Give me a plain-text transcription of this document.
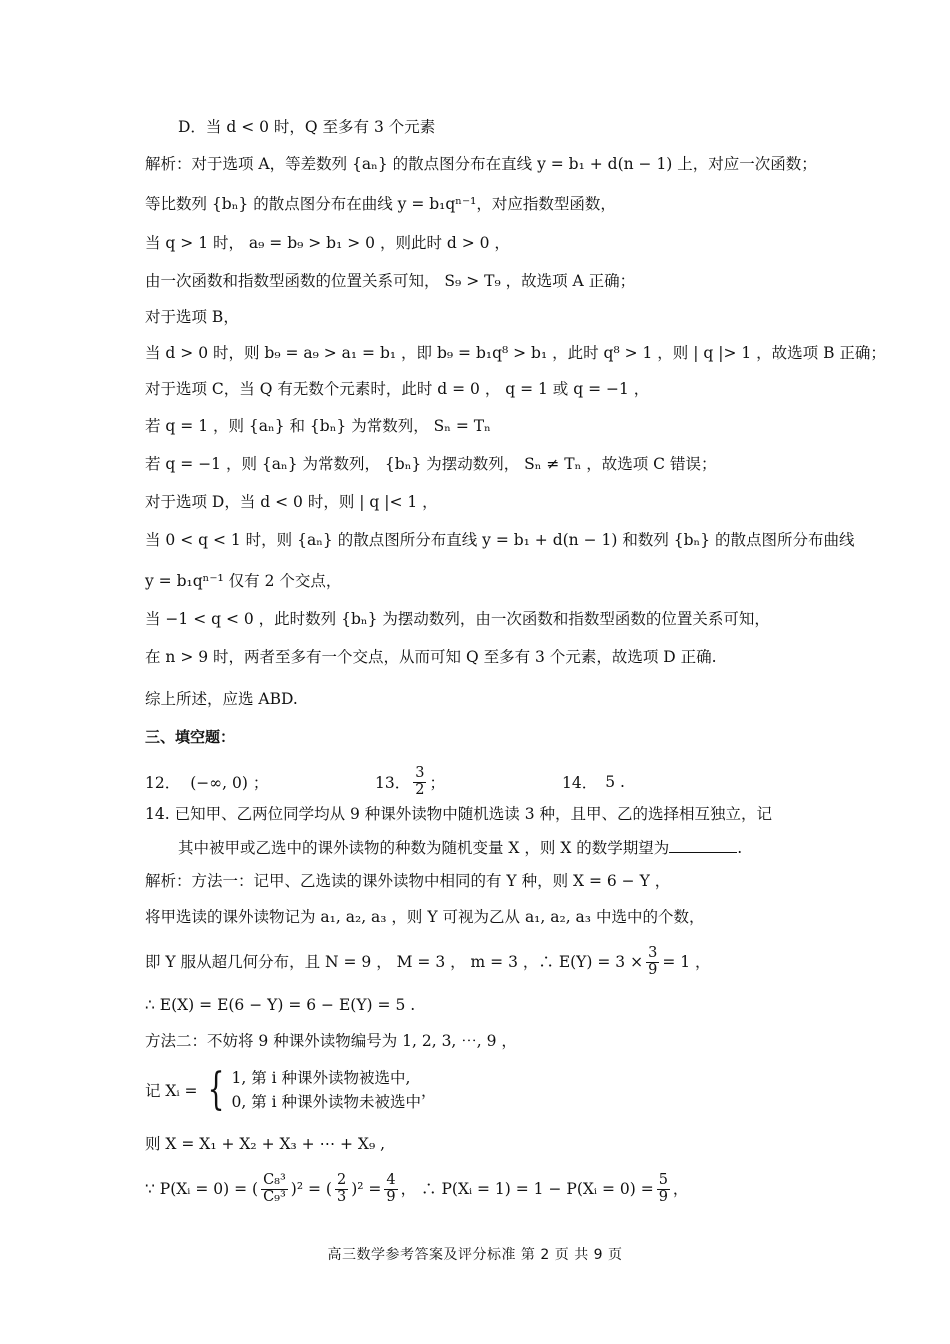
D．当 d < 0 时，Q 至多有 3 个元素
解析：对于选项 A，等差数列 {aₙ} 的散点图分布在直线 y = b₁ + d(n − 1) 上，对应一次函数；
等比数列 {bₙ} 的散点图分布在曲线 y = b₁qⁿ⁻¹，对应指数型函数，
当 q > 1 时， a₉ = b₉ > b₁ > 0 ，则此时 d > 0 ，
由一次函数和指数型函数的位置关系可知， S₉ > T₉ ，故选项 A 正确；
对于选项 B，
当 d > 0 时，则 b₉ = a₉ > a₁ = b₁ ，即 b₉ = b₁q⁸ > b₁ ，此时 q⁸ > 1 ，则 | q |> 1 ，故选项 B 正确；
对于选项 C，当 Q 有无数个元素时，此时 d = 0 ， q = 1 或 q = −1 ，
若 q = 1 ，则 {aₙ} 和 {bₙ} 为常数列， Sₙ = Tₙ
若 q = −1 ，则 {aₙ} 为常数列， {bₙ} 为摆动数列， Sₙ ≠ Tₙ ，故选项 C 错误；
对于选项 D，当 d < 0 时，则 | q |< 1 ，
当 0 < q < 1 时，则 {aₙ} 的散点图所分布直线 y = b₁ + d(n − 1) 和数列 {bₙ} 的散点图所分布曲线
y = b₁qⁿ⁻¹ 仅有 2 个交点，
当 −1 < q < 0 ，此时数列 {bₙ} 为摆动数列，由一次函数和指数型函数的位置关系可知，
在 n > 9 时，两者至多有一个交点，从而可知 Q 至多有 3 个元素，故选项 D 正确.
综上所述，应选 ABD.
三、填空题：
12． (−∞, 0) ；	13． $\frac{3}{2}$ ；	14． 5 .
14. 已知甲、乙两位同学均从 9 种课外读物中随机选读 3 种，且甲、乙的选择相互独立，记
其中被甲或乙选中的课外读物的种数为随机变量 X ，则 X 的数学期望为	.
解析：方法一：记甲、乙选读的课外读物中相同的有 Y 种，则 X = 6 − Y ，
将甲选读的课外读物记为 a₁, a₂, a₃ ，则 Y 可视为乙从 a₁, a₂, a₃ 中选中的个数，
即 Y 服从超几何分布，且 N = 9 ， M = 3 ， m = 3 ，∴ $E(Y) = 3 \times \frac{3}{9} = 1$ ，
∴ E(X) = E(6 − Y) = 6 − E(Y) = 5 .
方法二：不妨将 9 种课外读物编号为 1, 2, 3, ⋯, 9 ，
记 Xᵢ = { 1, 第 i 种课外读物被选中,
0, 第 i 种课外读物未被选中
，
则 X = X₁ + X₂ + X₃ + ⋯ + X₉ ,
∵ P(Xᵢ = 0) = ( $\frac{\text{C₈³}}{\text{C₉³}} )^2$ = ( $\frac{2}{3} )^2 = \frac{4}{9}$ ， ∴ P(Xᵢ = 1) = 1 − P(Xᵢ = $0) = \frac{5}{9}$ ，
高三数学参考答案及评分标准 第 2 页 共 9 页
